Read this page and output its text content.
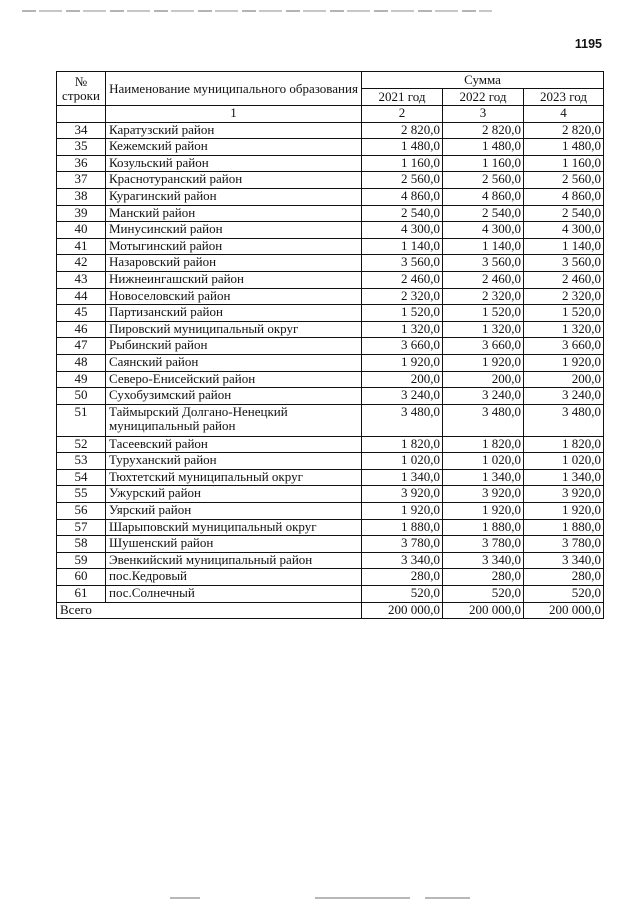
1195
№ строки	Наименование муниципального образования	Сумма		
		2021 год	2022 год	2023 год
	1	2	3	4
34	Каратузский район	2 820,0	2 820,0	2 820,0
35	Кежемский район	1 480,0	1 480,0	1 480,0
36	Козульский район	1 160,0	1 160,0	1 160,0
37	Краснотуранский район	2 560,0	2 560,0	2 560,0
38	Курагинский район	4 860,0	4 860,0	4 860,0
39	Манский район	2 540,0	2 540,0	2 540,0
40	Минусинский район	4 300,0	4 300,0	4 300,0
41	Мотыгинский район	1 140,0	1 140,0	1 140,0
42	Назаровский район	3 560,0	3 560,0	3 560,0
43	Нижнеингашский район	2 460,0	2 460,0	2 460,0
44	Новоселовский район	2 320,0	2 320,0	2 320,0
45	Партизанский район	1 520,0	1 520,0	1 520,0
46	Пировский муниципальный округ	1 320,0	1 320,0	1 320,0
47	Рыбинский район	3 660,0	3 660,0	3 660,0
48	Саянский район	1 920,0	1 920,0	1 920,0
49	Северо-Енисейский район	200,0	200,0	200,0
50	Сухобузимский район	3 240,0	3 240,0	3 240,0
51	Таймырский Долгано-Ненецкий муниципальный район	3 480,0	3 480,0	3 480,0
52	Тасеевский район	1 820,0	1 820,0	1 820,0
53	Туруханский район	1 020,0	1 020,0	1 020,0
54	Тюхтетский муниципальный округ	1 340,0	1 340,0	1 340,0
55	Ужурский район	3 920,0	3 920,0	3 920,0
56	Уярский район	1 920,0	1 920,0	1 920,0
57	Шарыповский муниципальный округ	1 880,0	1 880,0	1 880,0
58	Шушенский район	3 780,0	3 780,0	3 780,0
59	Эвенкийский муниципальный район	3 340,0	3 340,0	3 340,0
60	пос.Кедровый	280,0	280,0	280,0
61	пос.Солнечный	520,0	520,0	520,0
Всего		200 000,0	200 000,0	200 000,0
